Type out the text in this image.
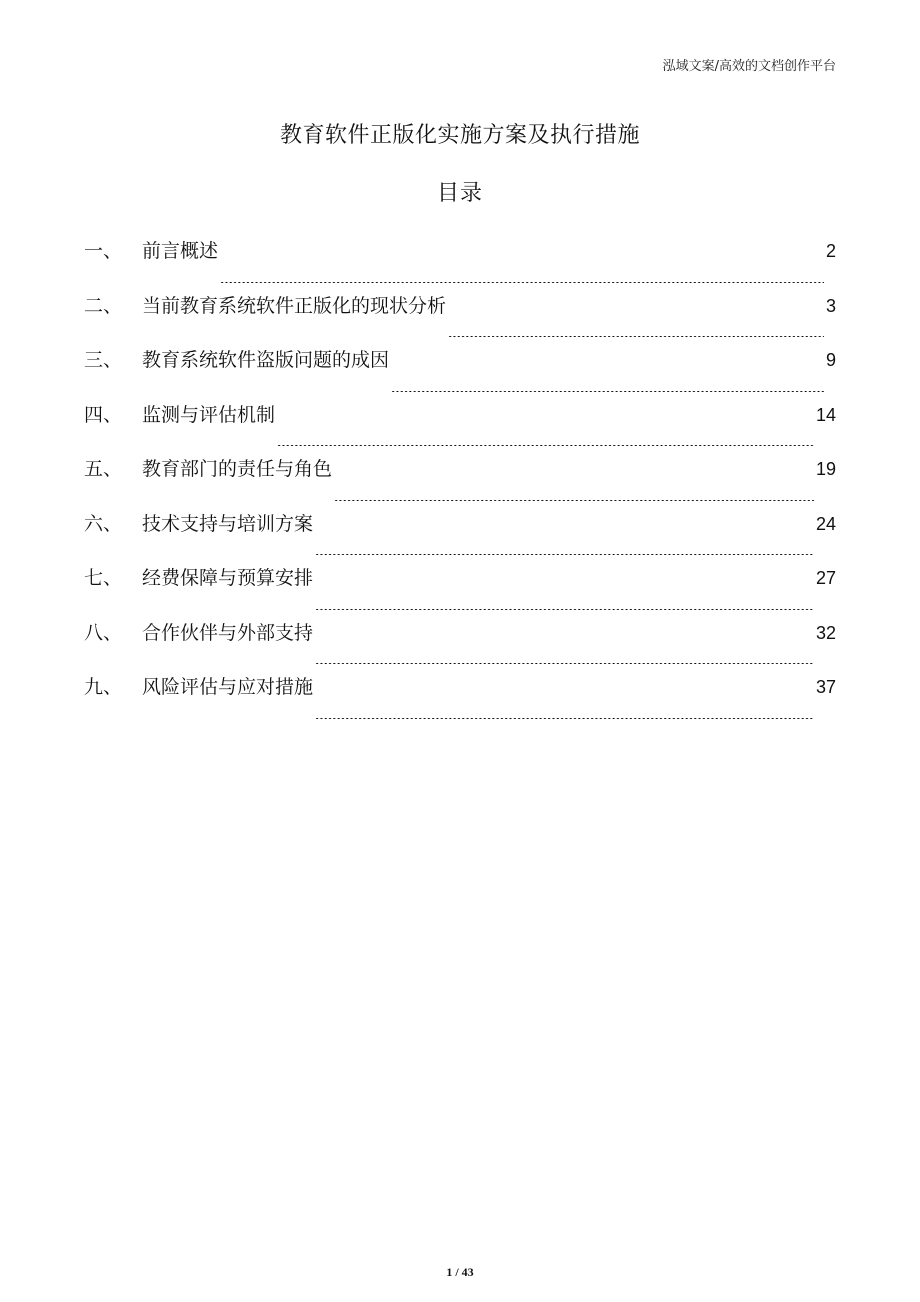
泓域文案/高效的文档创作平台
教育软件正版化实施方案及执行措施
目录
一、	前言概述	2
二、	当前教育系统软件正版化的现状分析	3
三、	教育系统软件盗版问题的成因	9
四、	监测与评估机制	14
五、	教育部门的责任与角色	19
六、	技术支持与培训方案	24
七、	经费保障与预算安排	27
八、	合作伙伴与外部支持	32
九、	风险评估与应对措施	37
1 / 43
